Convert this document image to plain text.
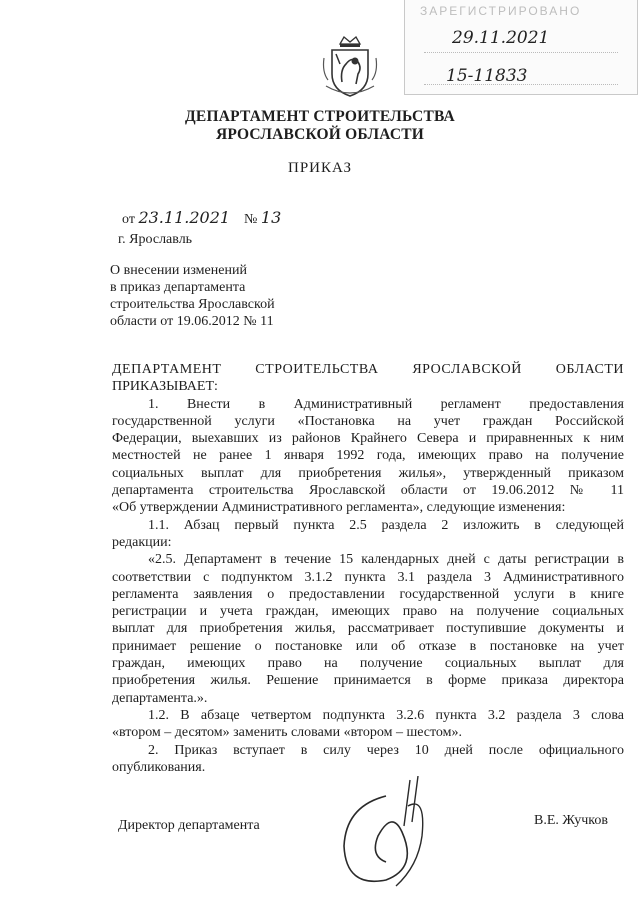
ЗАРЕГИСТРИРОВАНО
29.11.2021
15-11833
ДЕПАРТАМЕНТ СТРОИТЕЛЬСТВА
ЯРОСЛАВСКОЙ ОБЛАСТИ
ПРИКАЗ
от 23.11.2021 № 13
г. Ярославль
О внесении изменений
в приказ департамента
строительства Ярославской
области от 19.06.2012 № 11
ДЕПАРТАМЕНТ СТРОИТЕЛЬСТВА ЯРОСЛАВСКОЙ ОБЛАСТИ
ПРИКАЗЫВАЕТ:
1. Внести в Административный регламент предоставления
государственной услуги «Постановка на учет граждан Российской
Федерации, выехавших из районов Крайнего Севера и приравненных к ним
местностей не ранее 1 января 1992 года, имеющих право на получение
социальных выплат для приобретения жилья», утвержденный приказом
департамента строительства Ярославской области от 19.06.2012 № 11
«Об утверждении Административного регламента», следующие изменения:
1.1. Абзац первый пункта 2.5 раздела 2 изложить в следующей
редакции:
«2.5. Департамент в течение 15 календарных дней с даты регистрации в
соответствии с подпунктом 3.1.2 пункта 3.1 раздела 3 Административного
регламента заявления о предоставлении государственной услуги в книге
регистрации и учета граждан, имеющих право на получение социальных
выплат для приобретения жилья, рассматривает поступившие документы и
принимает решение о постановке или об отказе в постановке на учет
граждан, имеющих право на получение социальных выплат для
приобретения жилья. Решение принимается в форме приказа директора
департамента.».
1.2. В абзаце четвертом подпункта 3.2.6 пункта 3.2 раздела 3 слова
«втором – десятом» заменить словами «втором – шестом».
2. Приказ вступает в силу через 10 дней после официального
опубликования.
Директор департамента	В.Е. Жучков
